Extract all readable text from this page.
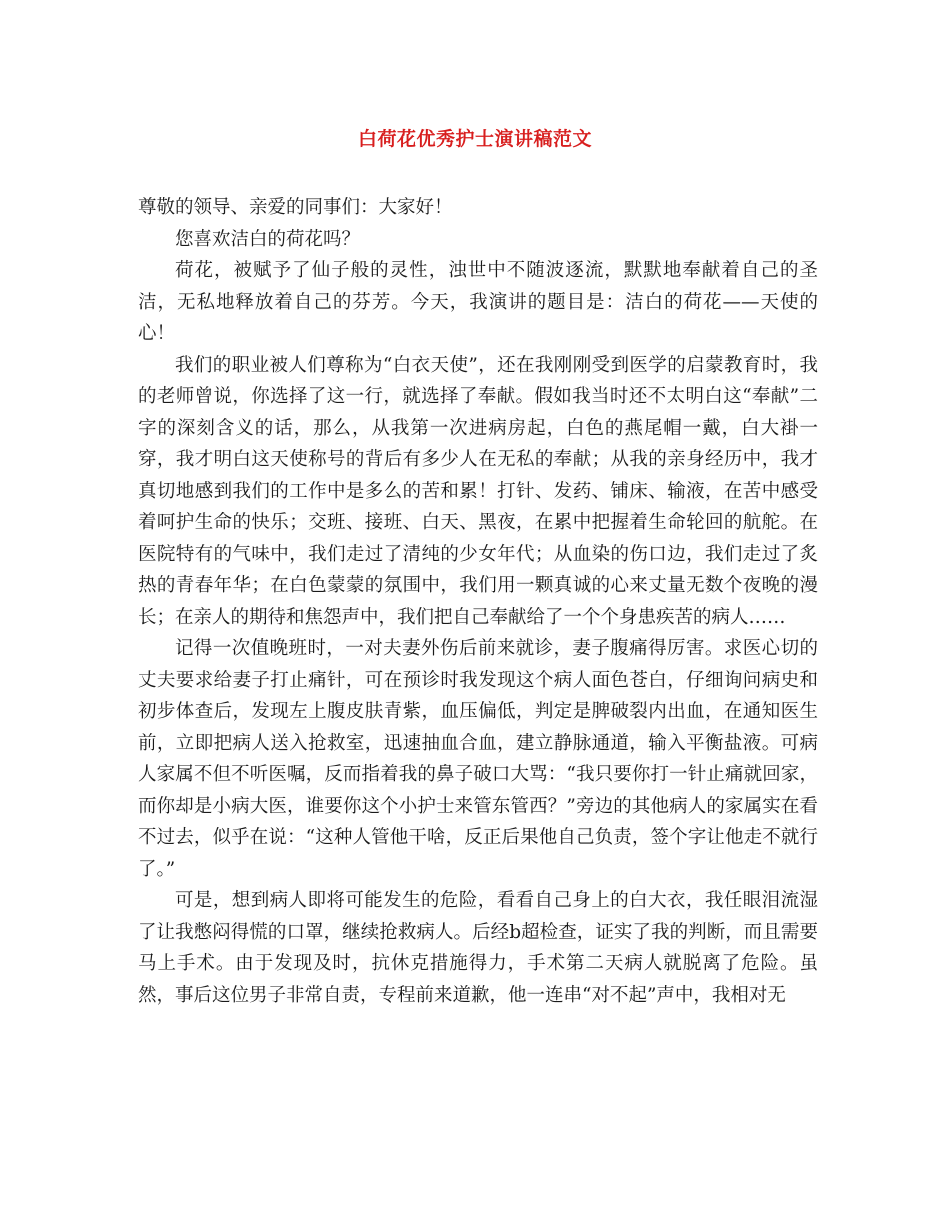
白荷花优秀护士演讲稿范文

尊敬的领导、亲爱的同事们：大家好！

您喜欢洁白的荷花吗？

荷花，被赋予了仙子般的灵性，浊世中不随波逐流，默默地奉献着自己的圣洁，无私地释放着自己的芬芳。今天，我演讲的题目是：洁白的荷花——天使的心！

我们的职业被人们尊称为“白衣天使”，还在我刚刚受到医学的启蒙教育时，我的老师曾说，你选择了这一行，就选择了奉献。假如我当时还不太明白这“奉献”二字的深刻含义的话，那么，从我第一次进病房起，白色的燕尾帽一戴，白大褂一穿，我才明白这天使称号的背后有多少人在无私的奉献；从我的亲身经历中，我才真切地感到我们的工作中是多么的苦和累！打针、发药、铺床、输液，在苦中感受着呵护生命的快乐；交班、接班、白天、黑夜，在累中把握着生命轮回的航舵。在医院特有的气味中，我们走过了清纯的少女年代；从血染的伤口边，我们走过了炙热的青春年华；在白色蒙蒙的氛围中，我们用一颗真诚的心来丈量无数个夜晚的漫长；在亲人的期待和焦怨声中，我们把自己奉献给了一个个身患疾苦的病人……

记得一次值晚班时，一对夫妻外伤后前来就诊，妻子腹痛得厉害。求医心切的丈夫要求给妻子打止痛针，可在预诊时我发现这个病人面色苍白，仔细询问病史和初步体查后，发现左上腹皮肤青紫，血压偏低，判定是脾破裂内出血，在通知医生前，立即把病人送入抢救室，迅速抽血合血，建立静脉通道，输入平衡盐液。可病人家属不但不听医嘱，反而指着我的鼻子破口大骂：“我只要你打一针止痛就回家，而你却是小病大医，谁要你这个小护士来管东管西？”旁边的其他病人的家属实在看不过去，似乎在说：“这种人管他干啥，反正后果他自己负责，签个字让他走不就行了。”

可是，想到病人即将可能发生的危险，看看自己身上的白大衣，我任眼泪流湿了让我憋闷得慌的口罩，继续抢救病人。后经b超检查，证实了我的判断，而且需要马上手术。由于发现及时，抗休克措施得力，手术第二天病人就脱离了危险。虽然，事后这位男子非常自责，专程前来道歉，他一连串“对不起”声中，我相对无
